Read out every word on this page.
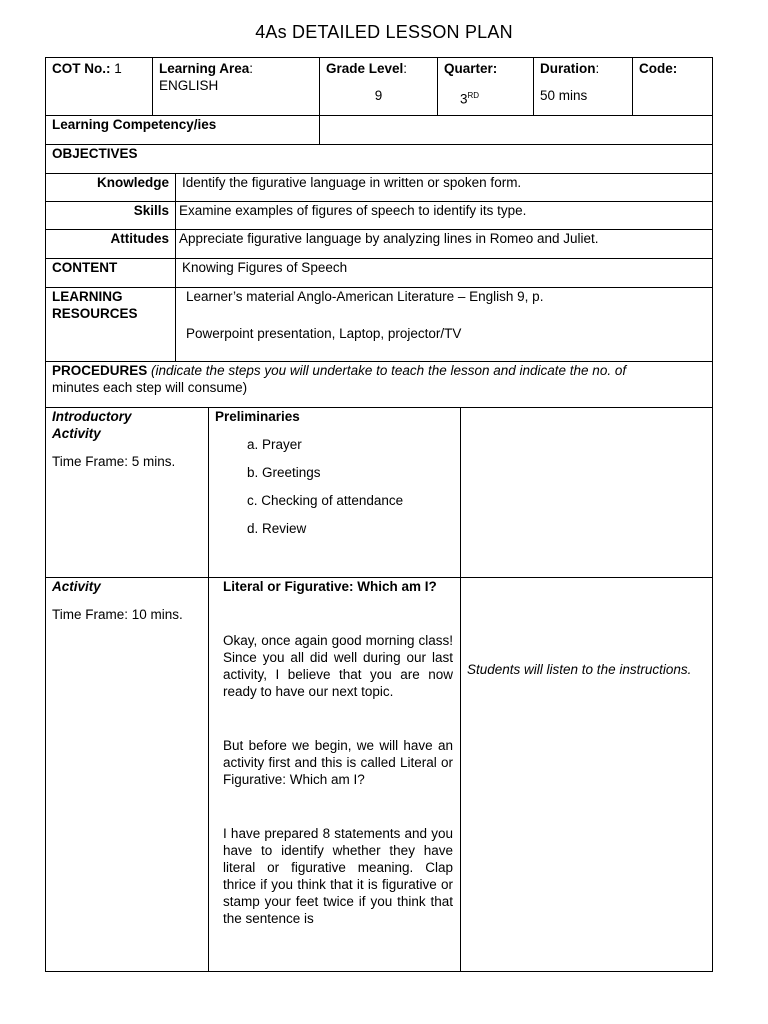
4As DETAILED LESSON PLAN
COT No.: 1	Learning Area:
ENGLISH
Grade Level:
9
Quarter:
3RD
Duration:
50 mins
Code:
Learning Competency/ies
OBJECTIVES
Knowledge Identify the figurative language in written or spoken form.
Skills Examine examples of figures of speech to identify its type.
Attitudes Appreciate figurative language by analyzing lines in Romeo and Juliet.
CONTENT	Knowing Figures of Speech
LEARNING
RESOURCES
Learner’s material Anglo-American Literature – English 9, p.
Powerpoint presentation, Laptop, projector/TV
PROCEDURES (indicate the steps you will undertake to teach the lesson and indicate the no. of
minutes each step will consume)
Introductory
Activity
Time Frame: 5 mins.
Preliminaries
a. Prayer
b. Greetings
c. Checking of attendance
d. Review
Activity
Time Frame: 10 mins.
Literal or Figurative: Which am I?
Okay, once again good morning class! Since you all did well during our last activity, I believe that you are now ready to have our next topic.
But before we begin, we will have an activity first and this is called Literal or Figurative: Which am I?
I have prepared 8 statements and you have to identify whether they have literal or figurative meaning. Clap thrice if you think that it is figurative or stamp your feet twice if you think that the sentence is
Students will listen to the instructions.
